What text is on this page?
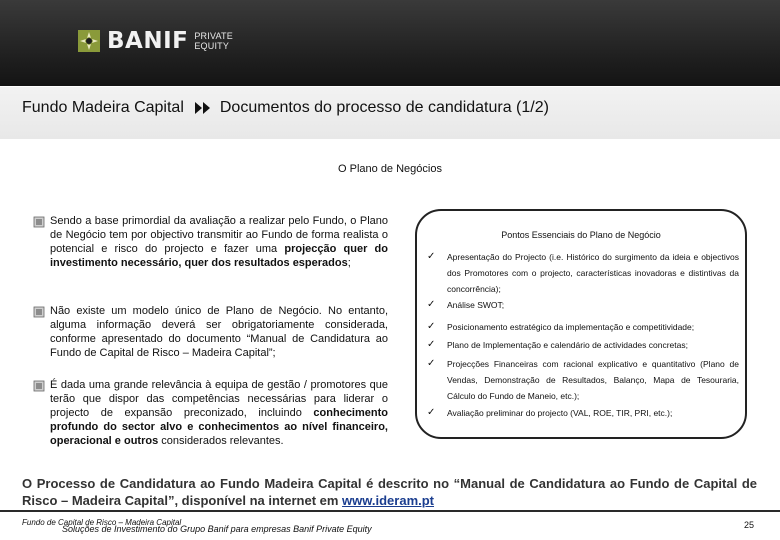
BANIF PRIVATE
EQUITY
Fundo Madeira Capital Documentos do processo de candidatura (1/2)
O Plano de Negócios
Sendo a base primordial da avaliação a realizar pelo Fundo, o Plano de Negócio tem por objectivo transmitir ao Fundo de forma realista o potencial e risco do projecto e fazer uma projecção quer do investimento necessário, quer dos resultados esperados;
Não existe um modelo único de Plano de Negócio. No entanto, alguma informação deverá ser obrigatoriamente considerada, conforme apresentado do documento “Manual de Candidatura ao Fundo de Capital de Risco – Madeira Capital”;
É dada uma grande relevância à equipa de gestão / promotores que terão que dispor das competências necessárias para liderar o projecto de expansão preconizado, incluindo conhecimento profundo do sector alvo e conhecimentos ao nível financeiro, operacional e outros considerados relevantes.
Pontos Essenciais do Plano de Negócio
✓	Apresentação do Projecto (i.e. Histórico do surgimento da ideia e objectivos dos Promotores com o projecto, características inovadoras e distintivas da concorrência);
✓	Análise SWOT;
✓	Posicionamento estratégico da implementação e competitividade;
✓	Plano de Implementação e calendário de actividades concretas;
✓	Projecções Financeiras com racional explicativo e quantitativo (Plano de Vendas, Demonstração de Resultados, Balanço, Mapa de Tesouraria, Cálculo do Fundo de Maneio, etc.);
✓	Avaliação preliminar do projecto (VAL, ROE, TIR, PRI, etc.);
O Processo de Candidatura ao Fundo Madeira Capital é descrito no “Manual de Candidatura ao Fundo de Capital de Risco – Madeira Capital”, disponível na internet em www.ideram.pt
Fundo de Capital de Risco – Madeira Capital
Soluções de Investimento do Grupo Banif para empresas Banif Private Equity	25
